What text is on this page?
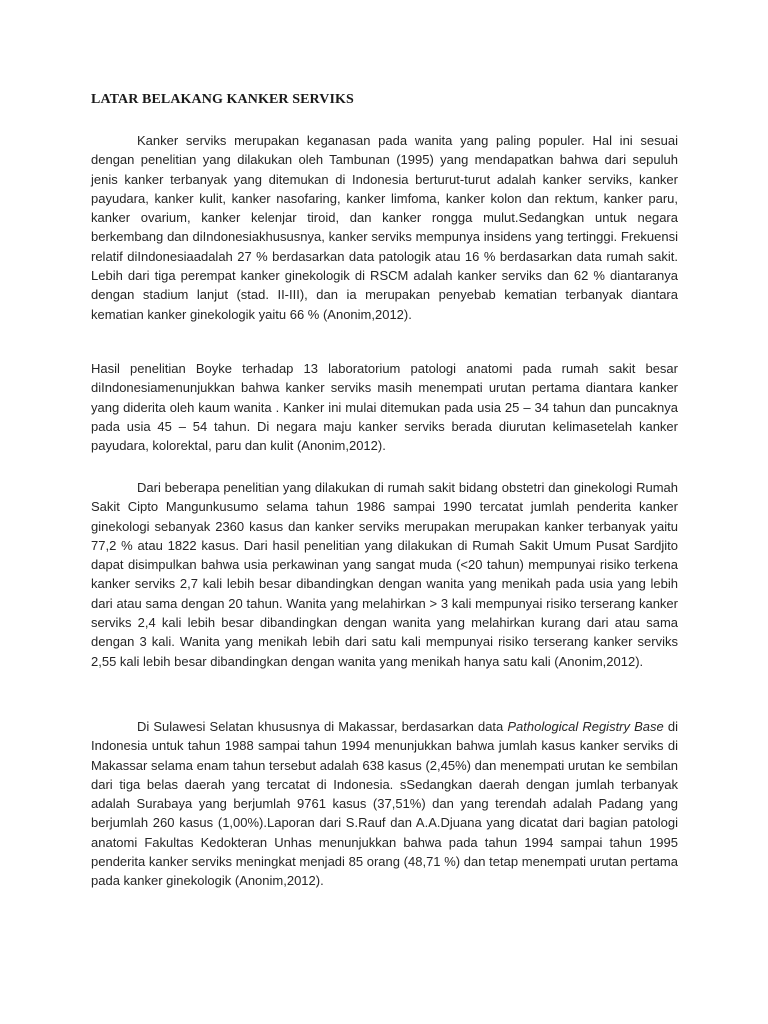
LATAR BELAKANG KANKER SERVIKS

Kanker serviks merupakan keganasan pada wanita yang paling populer. Hal ini sesuai dengan penelitian yang dilakukan oleh Tambunan (1995) yang mendapatkan bahwa dari sepuluh jenis kanker terbanyak yang ditemukan di Indonesia berturut-turut adalah kanker serviks, kanker payudara, kanker kulit, kanker nasofaring, kanker limfoma, kanker kolon dan rektum, kanker paru, kanker ovarium, kanker kelenjar tiroid, dan kanker rongga mulut.Sedangkan untuk negara berkembang dan diIndonesiakhususnya, kanker serviks mempunya insidens yang tertinggi. Frekuensi relatif diIndonesiaadalah 27 % berdasarkan data patologik atau 16 % berdasarkan data rumah sakit. Lebih dari tiga perempat kanker ginekologik di RSCM adalah kanker serviks dan 62 % diantaranya dengan stadium lanjut (stad. II-III), dan ia merupakan penyebab kematian terbanyak diantara kematian kanker ginekologik yaitu 66 % (Anonim,2012).

Hasil penelitian Boyke terhadap 13 laboratorium patologi anatomi pada rumah sakit besar diIndonesiamenunjukkan bahwa kanker serviks masih menempati urutan pertama diantara kanker yang diderita oleh kaum wanita . Kanker ini mulai ditemukan pada usia 25 – 34 tahun dan puncaknya pada usia 45 – 54 tahun. Di negara maju kanker serviks berada diurutan kelimasetelah kanker payudara, kolorektal, paru dan kulit (Anonim,2012).

Dari beberapa penelitian yang dilakukan di rumah sakit bidang obstetri dan ginekologi Rumah Sakit Cipto Mangunkusumo selama tahun 1986 sampai 1990 tercatat jumlah penderita kanker ginekologi sebanyak 2360 kasus dan kanker serviks merupakan merupakan kanker terbanyak yaitu 77,2 % atau 1822 kasus. Dari hasil penelitian yang dilakukan di Rumah Sakit Umum Pusat Sardjito dapat disimpulkan bahwa usia perkawinan yang sangat muda (<20 tahun) mempunyai risiko terkena kanker serviks 2,7 kali lebih besar dibandingkan dengan wanita yang menikah pada usia yang lebih dari atau sama dengan 20 tahun. Wanita yang melahirkan > 3 kali mempunyai risiko terserang kanker serviks 2,4 kali lebih besar dibandingkan dengan wanita yang melahirkan kurang dari atau sama dengan 3 kali. Wanita yang menikah lebih dari satu kali mempunyai risiko terserang kanker serviks 2,55 kali lebih besar dibandingkan dengan wanita yang menikah hanya satu kali (Anonim,2012).

Di Sulawesi Selatan khususnya di Makassar, berdasarkan data Pathological Registry Base di Indonesia untuk tahun 1988 sampai tahun 1994 menunjukkan bahwa jumlah kasus kanker serviks di Makassar selama enam tahun tersebut adalah 638 kasus (2,45%) dan menempati urutan ke sembilan dari tiga belas daerah yang tercatat di Indonesia. sSedangkan daerah dengan jumlah terbanyak adalah Surabaya yang berjumlah 9761 kasus (37,51%) dan yang terendah adalah Padang yang berjumlah 260 kasus (1,00%).Laporan dari S.Rauf dan A.A.Djuana yang dicatat dari bagian patologi anatomi Fakultas Kedokteran Unhas menunjukkan bahwa pada tahun 1994 sampai tahun 1995 penderita kanker serviks meningkat menjadi 85 orang (48,71 %) dan tetap menempati urutan pertama pada kanker ginekologik (Anonim,2012).
